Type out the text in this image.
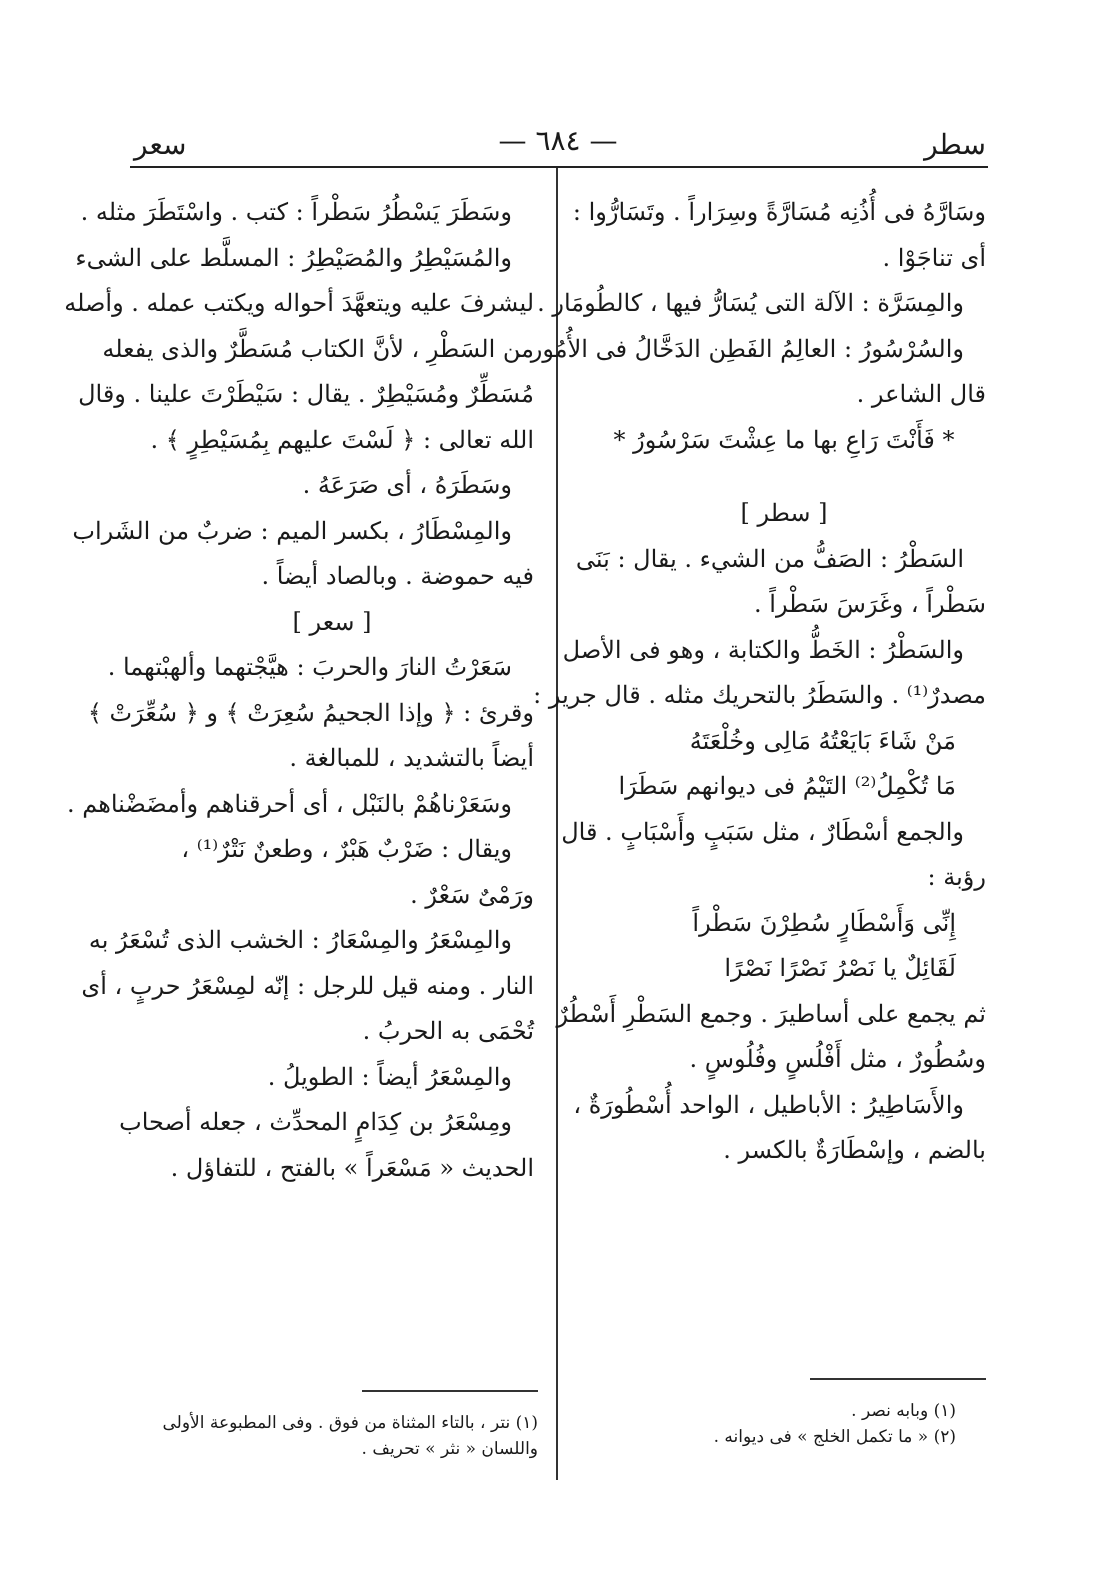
سطر
— ٦٨٤ —
سعر
وسَارَّهُ فى أُذُنِه مُسَارَّةً وسِرَاراً . وتَسَارُّوا :
أى تناجَوْا .
والمِسَرَّة : الآلة التى يُسَارُّ فيها ، كالطُومَار .
والسُرْسُورُ : العالِمُ الفَطِن الدَخَّالُ فى الأُمُور .
قال الشاعر .
* فَأَنْتَ رَاعِ بها ما عِشْتَ سَرْسُورُ *
[ سطر ]
السَطْرُ : الصَفُّ من الشيء . يقال : بَنَى
سَطْراً ، وغَرَسَ سَطْراً .
والسَطْرُ : الخَطُّ والكتابة ، وهو فى الأصل
مصدرٌ⁽¹⁾ . والسَطَرُ بالتحريك مثله . قال جرير :
مَنْ شَاءَ بَايَعْتُهُ مَالِى وخُلْعَتَهُ
مَا تُكْمِلُ⁽²⁾ التَيْمُ فى ديوانهم سَطَرَا
والجمع أسْطَارٌ ، مثل سَبَبٍ وأَسْبَابٍ . قال
رؤبة :
إِنِّى وَأَسْطَارٍ سُطِرْنَ سَطْراً
لَقَائِلٌ يا نَصْرُ نَصْرًا نَصْرًا
ثم يجمع على أساطيرَ . وجمع السَطْرِ أَسْطُرٌ
وسُطُورٌ ، مثل أَفْلُسٍ وفُلُوسٍ .
والأَسَاطِيرُ : الأباطيل ، الواحد أُسْطُورَةٌ ،
بالضم ، وإسْطَارَةٌ بالكسر .
وسَطَرَ يَسْطُرُ سَطْراً : كتب . واسْتَطَرَ مثله .
والمُسَيْطِرُ والمُصَيْطِرُ : المسلَّط على الشىء
ليشرفَ عليه ويتعهَّدَ أحواله ويكتب عمله . وأصله
من السَطْرِ ، لأنَّ الكتاب مُسَطَّرٌ والذى يفعله
مُسَطِّرٌ ومُسَيْطِرٌ . يقال : سَيْطَرْتَ علينا . وقال
الله تعالى : ﴿ لَسْتَ عليهم بِمُسَيْطِرٍ ﴾ .
وسَطَرَهُ ، أى صَرَعَهُ .
والمِسْطَارُ ، بكسر الميم : ضربٌ من الشَراب
فيه حموضة . وبالصاد أيضاً .
[ سعر ]
سَعَرْتُ النارَ والحربَ : هيَّجْتهما وألهبْتهما .
وقرئ : ﴿ وإذا الجحيمُ سُعِرَتْ ﴾ و ﴿ سُعِّرَتْ ﴾
أيضاً بالتشديد ، للمبالغة .
وسَعَرْناهُمْ بالنَبْل ، أى أحرقناهم وأمضَضْناهم .
ويقال : ضَرْبٌ هَبْرٌ ، وطعنٌ نَتْرٌ⁽¹⁾ ،
ورَمْىٌ سَعْرٌ .
والمِسْعَرُ والمِسْعَارُ : الخشب الذى تُسْعَرُ به
النار . ومنه قيل للرجل : إنّه لمِسْعَرُ حربٍ ، أى
تُحْمَى به الحربُ .
والمِسْعَرُ أيضاً : الطويلُ .
ومِسْعَرُ بن كِدَامٍ المحدِّث ، جعله أصحاب
الحديث « مَسْعَراً » بالفتح ، للتفاؤل .
(١) وبابه نصر .
(٢) « ما تكمل الخلج » فى ديوانه .
(١) نتر ، بالتاء المثناة من فوق . وفى المطبوعة الأولى
واللسان « نثر » تحريف .
